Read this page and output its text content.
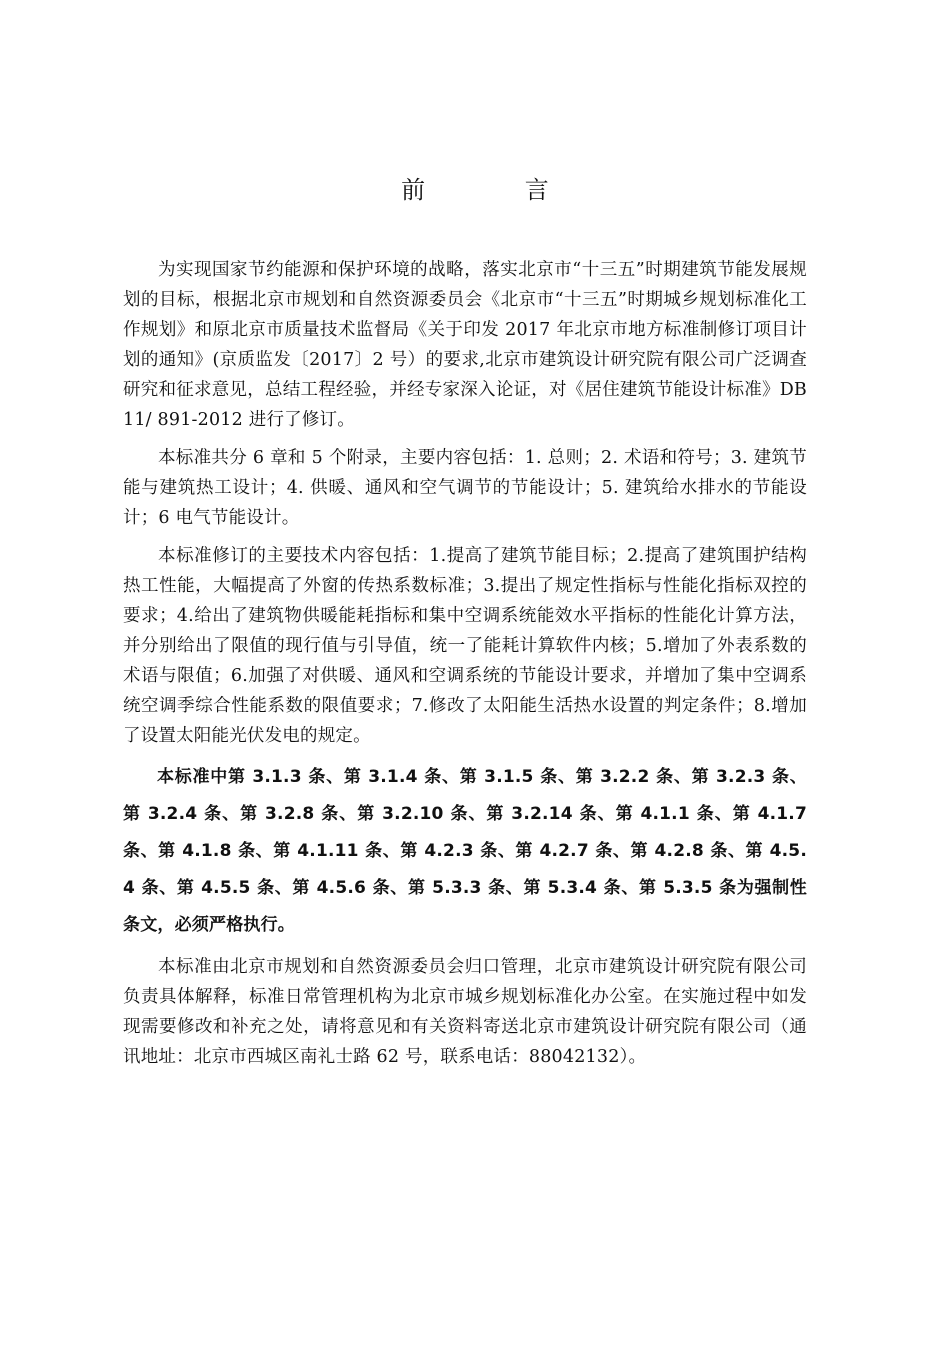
前 言

为实现国家节约能源和保护环境的战略，落实北京市“十三五”时期建筑节能发展规划的目标，根据北京市规划和自然资源委员会《北京市“十三五”时期城乡规划标准化工作规划》和原北京市质量技术监督局《关于印发 2017 年北京市地方标准制修订项目计划的通知》(京质监发〔2017〕2 号）的要求,北京市建筑设计研究院有限公司广泛调查研究和征求意见，总结工程经验，并经专家深入论证，对《居住建筑节能设计标准》DB11/ 891-2012 进行了修订。

本标准共分 6 章和 5 个附录，主要内容包括：1. 总则；2. 术语和符号；3. 建筑节能与建筑热工设计；4. 供暖、通风和空气调节的节能设计；5. 建筑给水排水的节能设计；6 电气节能设计。

本标准修订的主要技术内容包括：1.提高了建筑节能目标；2.提高了建筑围护结构热工性能，大幅提高了外窗的传热系数标准；3.提出了规定性指标与性能化指标双控的要求；4.给出了建筑物供暖能耗指标和集中空调系统能效水平指标的性能化计算方法，并分别给出了限值的现行值与引导值，统一了能耗计算软件内核；5.增加了外表系数的术语与限值；6.加强了对供暖、通风和空调系统的节能设计要求，并增加了集中空调系统空调季综合性能系数的限值要求；7.修改了太阳能生活热水设置的判定条件；8.增加了设置太阳能光伏发电的规定。

本标准中第 3.1.3 条、第 3.1.4 条、第 3.1.5 条、第 3.2.2 条、第 3.2.3 条、第 3.2.4 条、第 3.2.8 条、第 3.2.10 条、第 3.2.14 条、第 4.1.1 条、第 4.1.7 条、第 4.1.8 条、第 4.1.11 条、第 4.2.3 条、第 4.2.7 条、第 4.2.8 条、第 4.5.4 条、第 4.5.5 条、第 4.5.6 条、第 5.3.3 条、第 5.3.4 条、第 5.3.5 条为强制性条文，必须严格执行。

本标准由北京市规划和自然资源委员会归口管理，北京市建筑设计研究院有限公司负责具体解释，标准日常管理机构为北京市城乡规划标准化办公室。在实施过程中如发现需要修改和补充之处，请将意见和有关资料寄送北京市建筑设计研究院有限公司（通讯地址：北京市西城区南礼士路 62 号，联系电话：88042132）。
